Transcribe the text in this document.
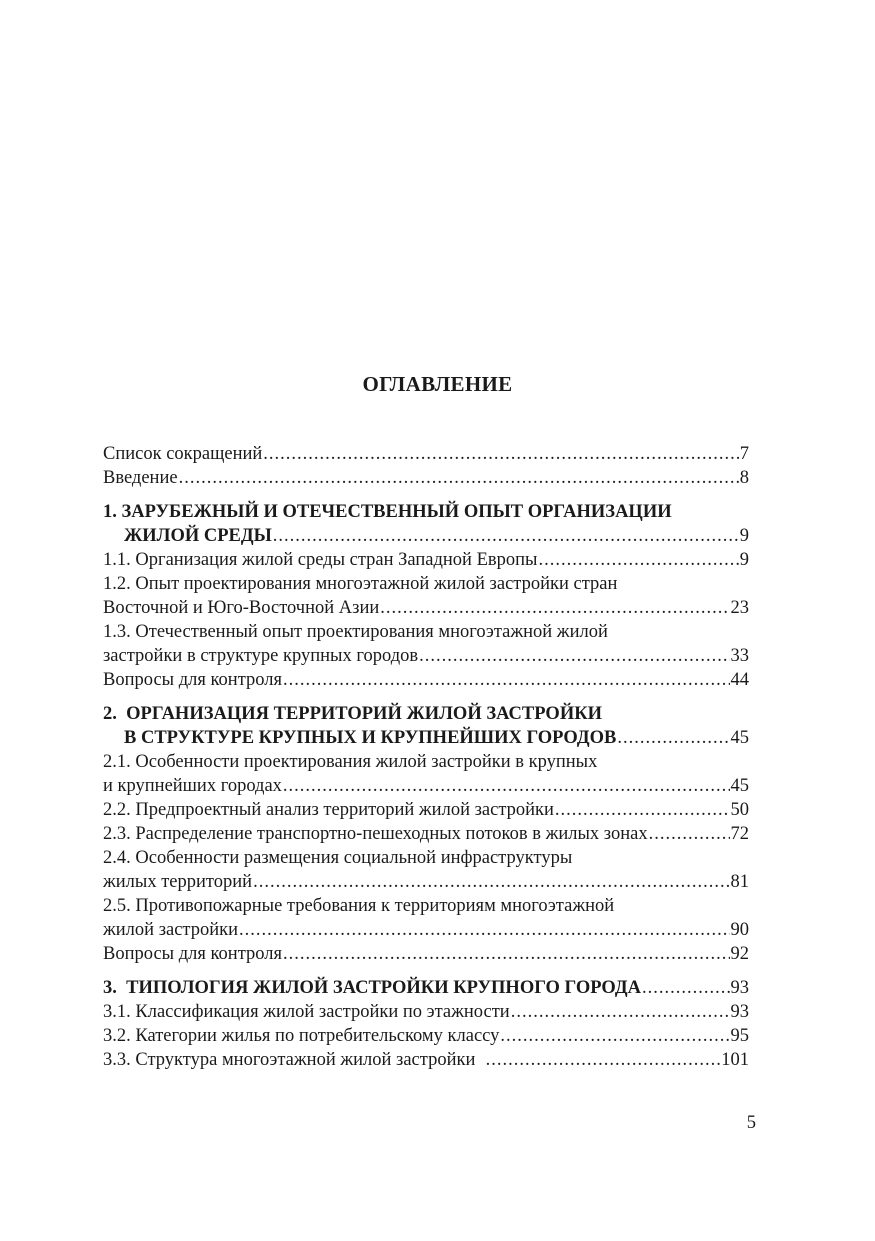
ОГЛАВЛЕНИЕ
Список сокращений .....	7
Введение .....	8
1. ЗАРУБЕЖНЫЙ И ОТЕЧЕСТВЕННЫЙ ОПЫТ ОРГАНИЗАЦИИ
ЖИЛОЙ СРЕДЫ .....	9
1.1. Организация жилой среды стран Западной Европы .....	9
1.2. Опыт проектирования многоэтажной жилой застройки стран
Восточной и Юго-Восточной Азии .....	23
1.3. Отечественный опыт проектирования многоэтажной жилой
застройки в структуре крупных городов .....	33
Вопросы для контроля .....	44
2.  ОРГАНИЗАЦИЯ ТЕРРИТОРИЙ ЖИЛОЙ ЗАСТРОЙКИ
В СТРУКТУРЕ КРУПНЫХ И КРУПНЕЙШИХ ГОРОДОВ .....	45
2.1. Особенности проектирования жилой застройки в крупных
и крупнейших городах .....	45
2.2. Предпроектный анализ территорий жилой застройки .....	50
2.3. Распределение транспортно-пешеходных потоков в жилых зонах .....	72
2.4. Особенности размещения социальной инфраструктуры
жилых территорий .....	81
2.5. Противопожарные требования к территориям многоэтажной
жилой застройки .....	90
Вопросы для контроля .....	92
3.  ТИПОЛОГИЯ ЖИЛОЙ ЗАСТРОЙКИ КРУПНОГО ГОРОДА .....	93
3.1. Классификация жилой застройки по этажности .....	93
3.2. Категории жилья по потребительскому классу .....	95
3.3. Структура многоэтажной жилой застройки .....	101
5
